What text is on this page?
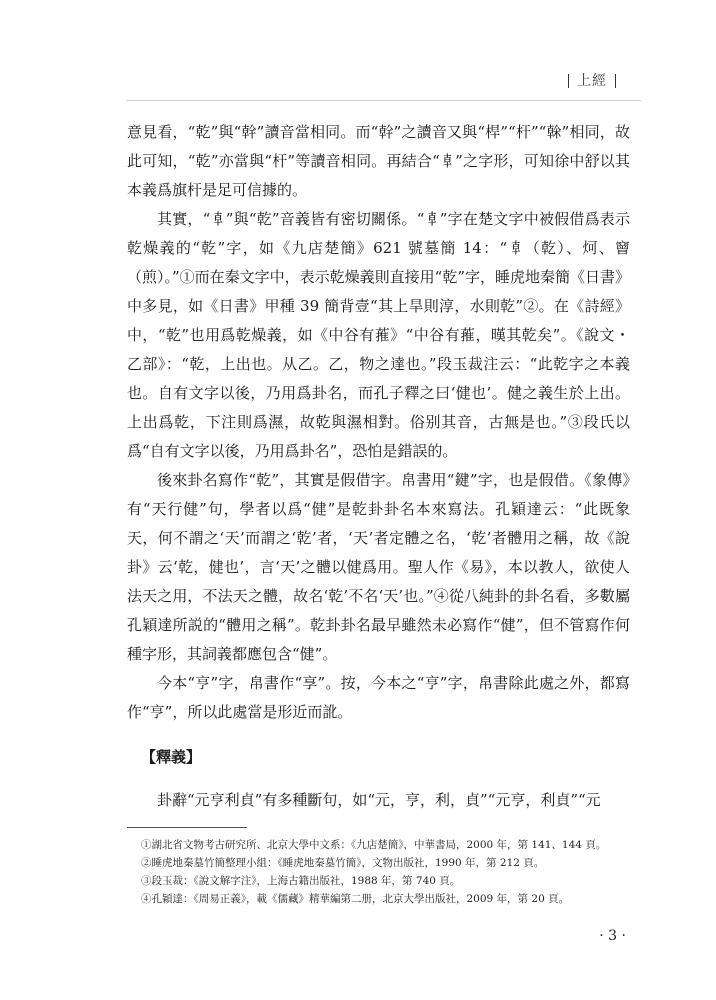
上經

意見看，“乾”與“幹”讀音當相同。而“幹”之讀音又與“桿”“杆”“榦”相同，故此可知，“乾”亦當與“杆”等讀音相同。再結合“𠦝”之字形，可知徐中舒以其本義爲旗杆是足可信據的。

其實，“𠦝”與“乾”音義皆有密切關係。“𠦝”字在楚文字中被假借爲表示乾燥義的“乾”字，如《九店楚簡》621 號墓簡 14：“𠦝（乾）、炣、䆵（煎）。”①而在秦文字中，表示乾燥義則直接用“乾”字，睡虎地秦簡《日書》中多見，如《日書》甲種 39 簡背壹“其上旱則淳，水則乾”②。在《詩經》中，“乾”也用爲乾燥義，如《中谷有蓷》“中谷有蓷，暵其乾矣”。《說文・乙部》：“乾，上出也。从乙。乙，物之達也。”段玉裁注云：“此乾字之本義也。自有文字以後，乃用爲卦名，而孔子釋之曰‘健也’。健之義生於上出。上出爲乾，下注則爲濕，故乾與濕相對。俗别其音，古無是也。”③段氏以爲“自有文字以後，乃用爲卦名”，恐怕是錯誤的。

後來卦名寫作“乾”，其實是假借字。帛書用“鍵”字，也是假借。《象傳》有“天行健”句，學者以爲“健”是乾卦卦名本來寫法。孔穎達云：“此既象天，何不謂之‘天’而謂之‘乾’者，‘天’者定體之名，‘乾’者體用之稱，故《說卦》云‘乾，健也’，言‘天’之體以健爲用。聖人作《易》，本以教人，欲使人法天之用，不法天之體，故名‘乾’不名‘天’也。”④從八純卦的卦名看，多數屬孔穎達所説的“體用之稱”。乾卦卦名最早雖然未必寫作“健”，但不管寫作何種字形，其詞義都應包含“健”。

今本“亨”字，帛書作“享”。按，今本之“亨”字，帛書除此處之外，都寫作“亨”，所以此處當是形近而訛。

【釋義】

卦辭“元亨利貞”有多種斷句，如“元，亨，利，貞”“元亨，利貞”“元

①湖北省文物考古研究所、北京大學中文系：《九店楚簡》，中華書局，2000 年，第 141、144 頁。

②睡虎地秦墓竹簡整理小組：《睡虎地秦墓竹簡》，文物出版社，1990 年，第 212 頁。

③段玉裁：《說文解字注》，上海古籍出版社，1988 年，第 740 頁。

④孔穎達：《周易正義》，載《儒藏》精華編第二册，北京大學出版社，2009 年，第 20 頁。

· 3 ·
